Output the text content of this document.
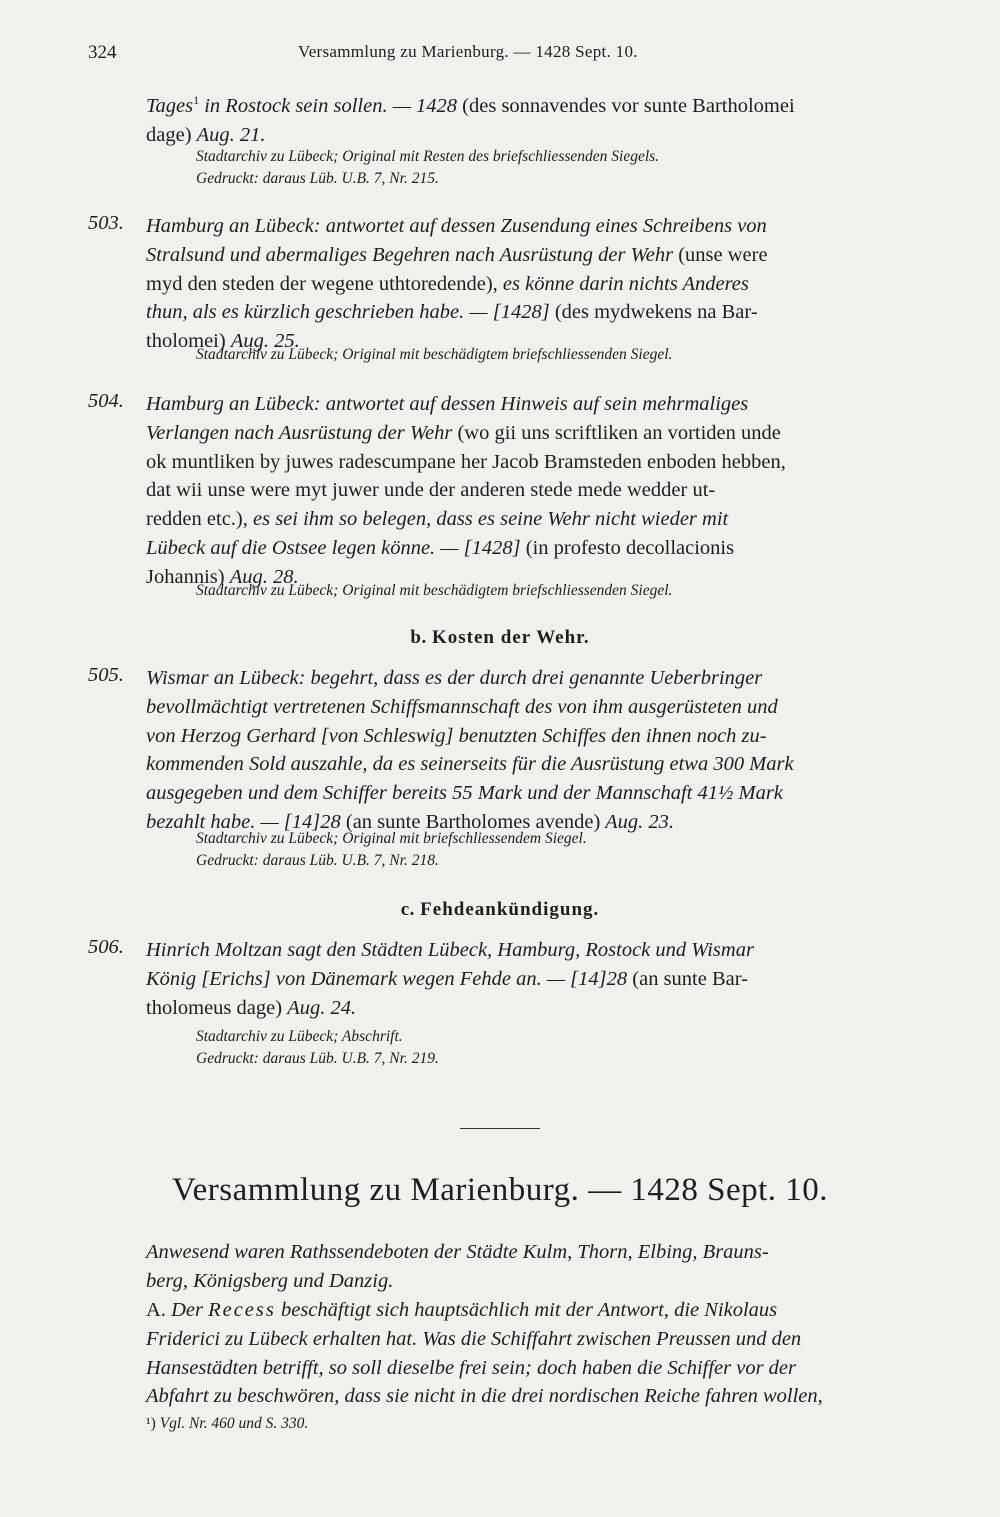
324	Versammlung zu Marienburg. — 1428 Sept. 10.
Tages$^1$ in Rostock sein sollen. — 1428 (des sonnavendes vor sunte Bartholomei
dage) Aug. 21.
Stadtarchiv zu Lübeck; Original mit Resten des briefschliessenden Siegels.
Gedruckt: daraus Lüb. U.B. 7, Nr. 215.
503. Hamburg an Lübeck: antwortet auf dessen Zusendung eines Schreibens von
Stralsund und abermaliges Begehren nach Ausrüstung der Wehr (unse were
myd den steden der wegene uthtoredende), es könne darin nichts Anderes
thun, als es kürzlich geschrieben habe. — [1428] (des mydwekens na Bar-
tholomei) Aug. 25.
Stadtarchiv zu Lübeck; Original mit beschädigtem briefschliessenden Siegel.
504. Hamburg an Lübeck: antwortet auf dessen Hinweis auf sein mehrmaliges
Verlangen nach Ausrüstung der Wehr (wo gii uns scriftliken an vortiden unde
ok muntliken by juwes radescumpane her Jacob Bramsteden enboden hebben,
dat wii unse were myt juwer unde der anderen stede mede wedder ut-
redden etc.), es sei ihm so belegen, dass es seine Wehr nicht wieder mit
Lübeck auf die Ostsee legen könne. — [1428] (in profesto decollacionis
Johannis) Aug. 28.
Stadtarchiv zu Lübeck; Original mit beschädigtem briefschliessenden Siegel.
b. Kosten der Wehr.
505. Wismar an Lübeck: begehrt, dass es der durch drei genannte Ueberbringer
bevollmächtigt vertretenen Schiffsmannschaft des von ihm ausgerüsteten und
von Herzog Gerhard [von Schleswig] benutzten Schiffes den ihnen noch zu-
kommenden Sold auszahle, da es seinerseits für die Ausrüstung etwa 300 Mark
ausgegeben und dem Schiffer bereits 55 Mark und der Mannschaft 41½ Mark
bezahlt habe. — [14]28 (an sunte Bartholomes avende) Aug. 23.
Stadtarchiv zu Lübeck; Original mit briefschliessendem Siegel.
Gedruckt: daraus Lüb. U.B. 7, Nr. 218.
c. Fehdeankündigung.
506. Hinrich Moltzan sagt den Städten Lübeck, Hamburg, Rostock und Wismar
König [Erichs] von Dänemark wegen Fehde an. — [14]28 (an sunte Bar-
tholomeus dage) Aug. 24.
Stadtarchiv zu Lübeck; Abschrift.
Gedruckt: daraus Lüb. U.B. 7, Nr. 219.
Versammlung zu Marienburg. — 1428 Sept. 10.
Anwesend waren Rathssendeboten der Städte Kulm, Thorn, Elbing, Brauns-
berg, Königsberg und Danzig.
A. Der Recess beschäftigt sich hauptsächlich mit der Antwort, die Nikolaus
Friderici zu Lübeck erhalten hat. Was die Schiffahrt zwischen Preussen und den
Hansestädten betrifft, so soll dieselbe frei sein; doch haben die Schiffer vor der
Abfahrt zu beschwören, dass sie nicht in die drei nordischen Reiche fahren wollen,
¹) Vgl. Nr. 460 und S. 330.
